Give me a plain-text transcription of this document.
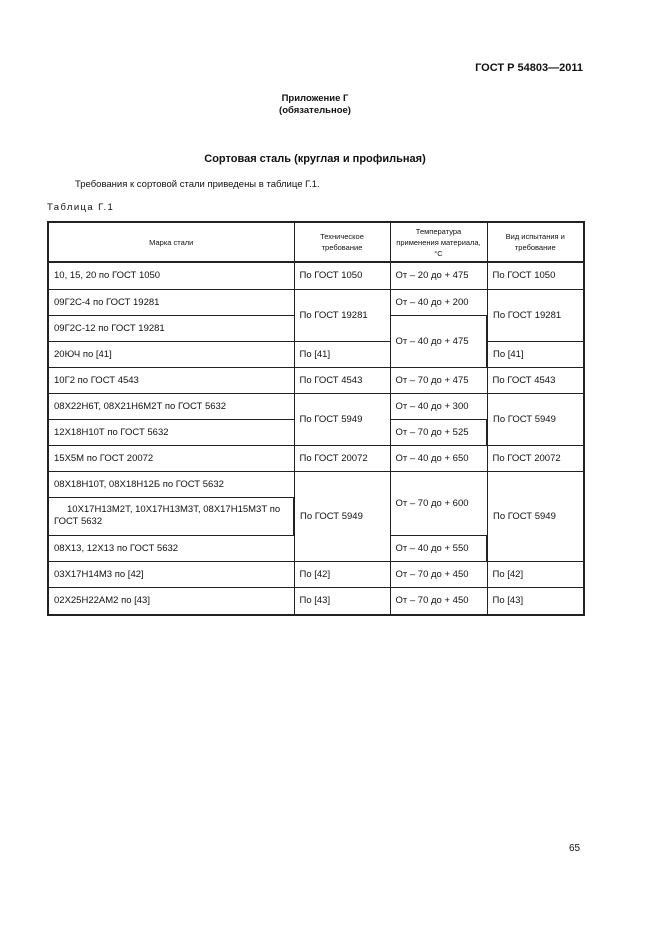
ГОСТ Р 54803—2011
Приложение Г
(обязательное)
Сортовая сталь (круглая и профильная)
Требования к сортовой стали приведены в таблице Г.1.
Таблица Г.1
Марка стали	Техническое требование	Температура применения материала, °С	Вид испытания и требование
10, 15, 20 по ГОСТ 1050	По ГОСТ 1050	От – 20 до + 475	По ГОСТ 1050
09Г2С-4 по ГОСТ 19281	По ГОСТ 19281	От – 40 до + 200	По ГОСТ 19281
09Г2С-12 по ГОСТ 19281		От – 40 до + 475	
20ЮЧ по [41]	По [41]		По [41]
10Г2 по ГОСТ 4543	По ГОСТ 4543	От – 70 до + 475	По ГОСТ 4543
08Х22Н6Т, 08Х21Н6М2Т по ГОСТ 5632	По ГОСТ 5949	От – 40 до + 300	По ГОСТ 5949
12Х18Н10Т по ГОСТ 5632		От – 70 до + 525	
15Х5М по ГОСТ 20072	По ГОСТ 20072	От – 40 до + 650	По ГОСТ 20072
08Х18Н10Т, 08Х18Н12Б по ГОСТ 5632	По ГОСТ 5949	От – 70 до + 600	По ГОСТ 5949
10Х17Н13М2Т, 10Х17Н13М3Т, 08Х17Н15М3Т по ГОСТ 5632			
08Х13, 12Х13 по ГОСТ 5632		От – 40 до + 550	
03Х17Н14М3 по [42]	По [42]	От – 70 до + 450	По [42]
02Х25Н22АМ2 по [43]	По [43]	От – 70 до + 450	По [43]
65
